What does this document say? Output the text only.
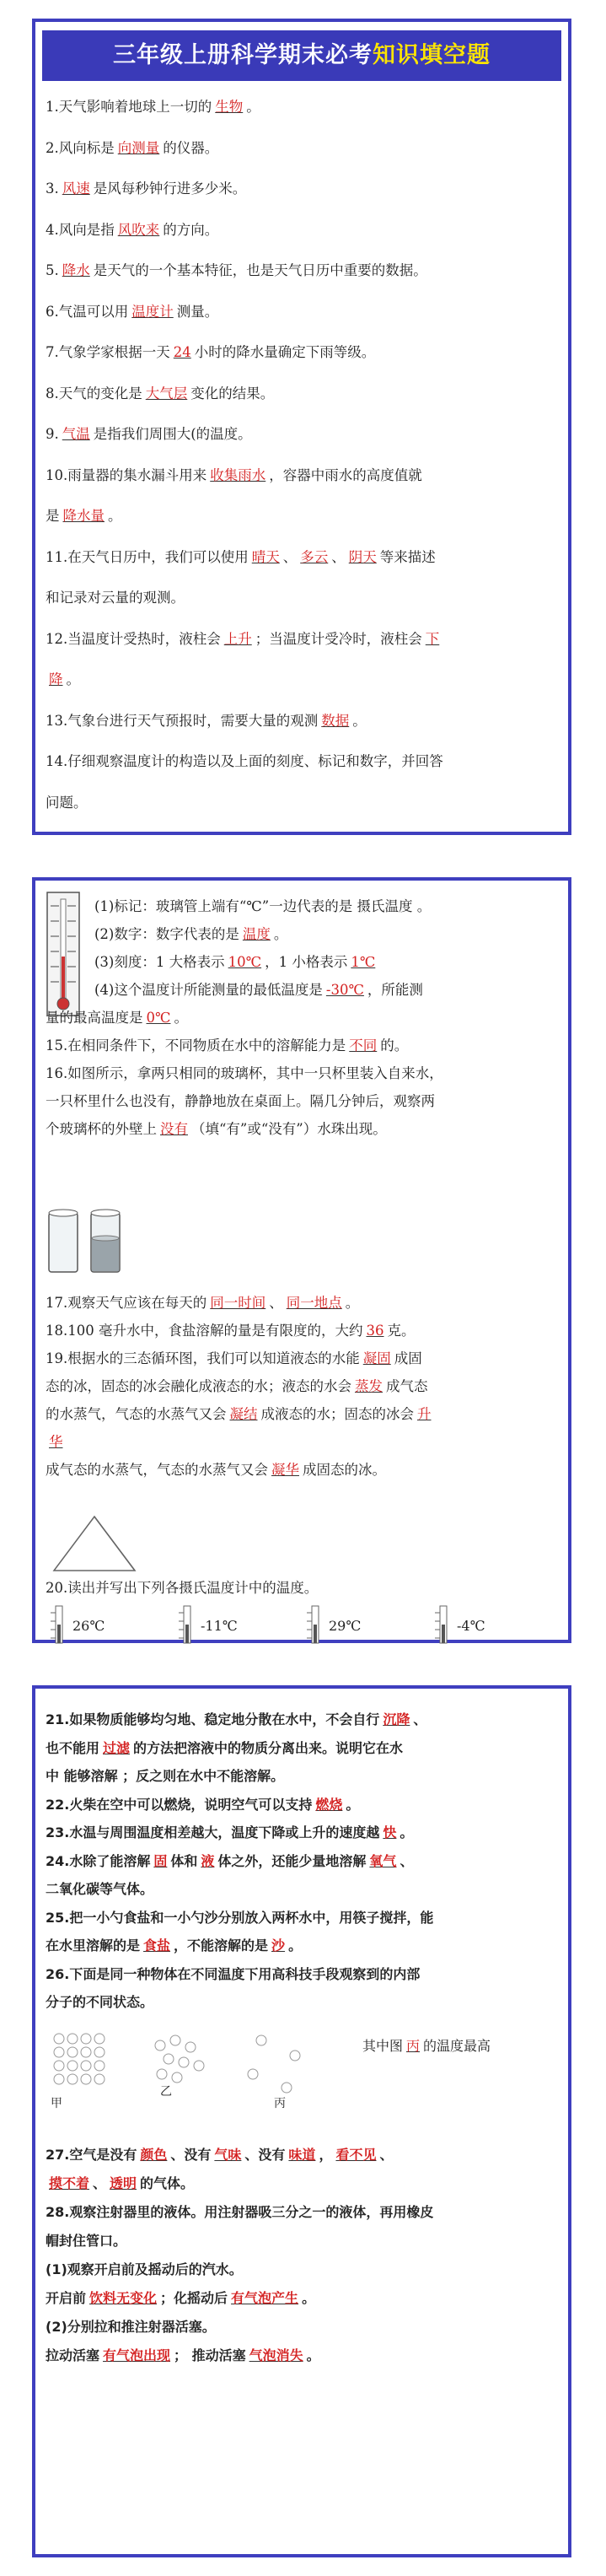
三年级上册科学期末必考知识填空题
1.天气影响着地球上一切的 生物 。
2.风向标是 向测量 的仪器。
3. 风速 是风每秒钟行进多少米。
4.风向是指 风吹来 的方向。
5. 降水 是天气的一个基本特征，也是天气日历中重要的数据。
6.气温可以用 温度计 测量。
7.气象学家根据一天 24 小时的降水量确定下雨等级。
8.天气的变化是 大气层 变化的结果。
9. 气温 是指我们周围大(的温度。
10.雨量器的集水漏斗用来 收集雨水 ，容器中雨水的高度值就
是 降水量 。
11.在天气日历中，我们可以使用 晴天 、 多云 、 阴天 等来描述
和记录对云量的观测。
12.当温度计受热时，液柱会 上升 ；当温度计受冷时，液柱会 下
降 。
13.气象台进行天气预报时，需要大量的观测 数据 。
14.仔细观察温度计的构造以及上面的刻度、标记和数字，并回答
问题。
(1)标记：玻璃管上端有“℃”一边代表的是 摄氏温度 。
(2)数字：数字代表的是 温度 。
(3)刻度：1 大格表示 10℃ ，1 小格表示 1℃
(4)这个温度计所能测量的最低温度是 -30℃ ，所能测
量的最高温度是 0℃ 。
15.在相同条件下，不同物质在水中的溶解能力是 不同 的。
16.如图所示，拿两只相同的玻璃杯，其中一只杯里装入自来水，
一只杯里什么也没有，静静地放在桌面上。隔几分钟后，观察两
个玻璃杯的外壁上 没有 （填“有”或“没有”）水珠出现。
17.观察天气应该在每天的 同一时间 、 同一地点 。
18.100 毫升水中，食盐溶解的量是有限度的，大约 36 克。
19.根据水的三态循环图，我们可以知道液态的水能 凝固 成固
态的冰，固态的冰会融化成液态的水；液态的水会 蒸发 成气态
的水蒸气，气态的水蒸气又会 凝结 成液态的水；固态的冰会 升
华
成气态的水蒸气，气态的水蒸气又会 凝华 成固态的冰。
20.读出并写出下列各摄氏温度计中的温度。
26℃	-11℃	29℃	-4℃
21.如果物质能够均匀地、稳定地分散在水中，不会自行 沉降 、
也不能用 过滤 的方法把溶液中的物质分离出来。说明它在水
中 能够溶解 ；反之则在水中不能溶解。
22.火柴在空中可以燃烧，说明空气可以支持 燃烧 。
23.水温与周围温度相差越大，温度下降或上升的速度越 快 。
24.水除了能溶解 固 体和 液 体之外，还能少量地溶解 氧气 、
二氧化碳等气体。
25.把一小勺食盐和一小勺沙分别放入两杯水中，用筷子搅拌，能
在水里溶解的是 食盐 ，不能溶解的是 沙 。
26.下面是同一种物体在不同温度下用高科技手段观察到的内部
分子的不同状态。
甲
乙
丙
其中图 丙 的温度最高
27.空气是没有 颜色 、没有 气味 、没有 味道 ， 看不见 、
摸不着 、 透明 的气体。
28.观察注射器里的液体。用注射器吸三分之一的液体，再用橡皮
帽封住管口。
(1)观察开启前及摇动后的汽水。
开启前 饮料无变化 ；化摇动后 有气泡产生 。
(2)分别拉和推注射器活塞。
拉动活塞 有气泡出现 ； 推动活塞 气泡消失 。
